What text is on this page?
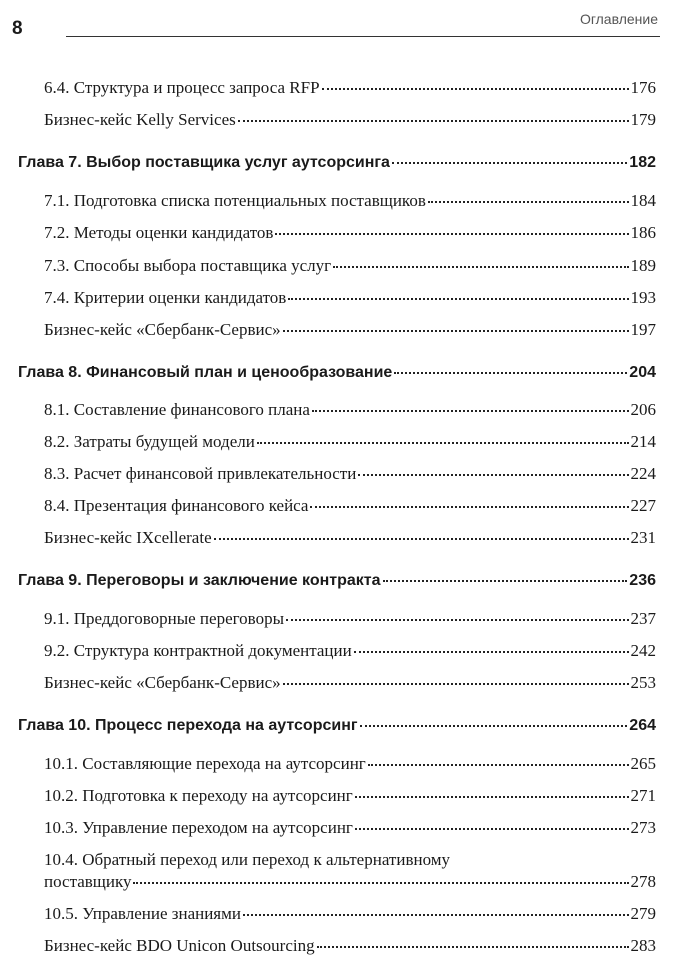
8	Оглавление
6.4. Структура и процесс запроса RFP	176
Бизнес-кейс Kelly Services	179
Глава 7. Выбор поставщика услуг аутсорсинга	182
7.1. Подготовка списка потенциальных поставщиков	184
7.2. Методы оценки кандидатов	186
7.3. Способы выбора поставщика услуг	189
7.4. Критерии оценки кандидатов	193
Бизнес-кейс «Сбербанк-Сервис»	197
Глава 8. Финансовый план и ценообразование	204
8.1. Составление финансового плана	206
8.2. Затраты будущей модели	214
8.3. Расчет финансовой привлекательности	224
8.4. Презентация финансового кейса	227
Бизнес-кейс IXcellerate	231
Глава 9. Переговоры и заключение контракта	236
9.1. Преддоговорные переговоры	237
9.2. Структура контрактной документации	242
Бизнес-кейс «Сбербанк-Сервис»	253
Глава 10. Процесс перехода на аутсорсинг	264
10.1. Составляющие перехода на аутсорсинг	265
10.2. Подготовка к переходу на аутсорсинг	271
10.3. Управление переходом на аутсорсинг	273
10.4. Обратный переход или переход к альтернативному
поставщику	278
10.5. Управление знаниями	279
Бизнес-кейс BDO Unicon Outsourcing	283
